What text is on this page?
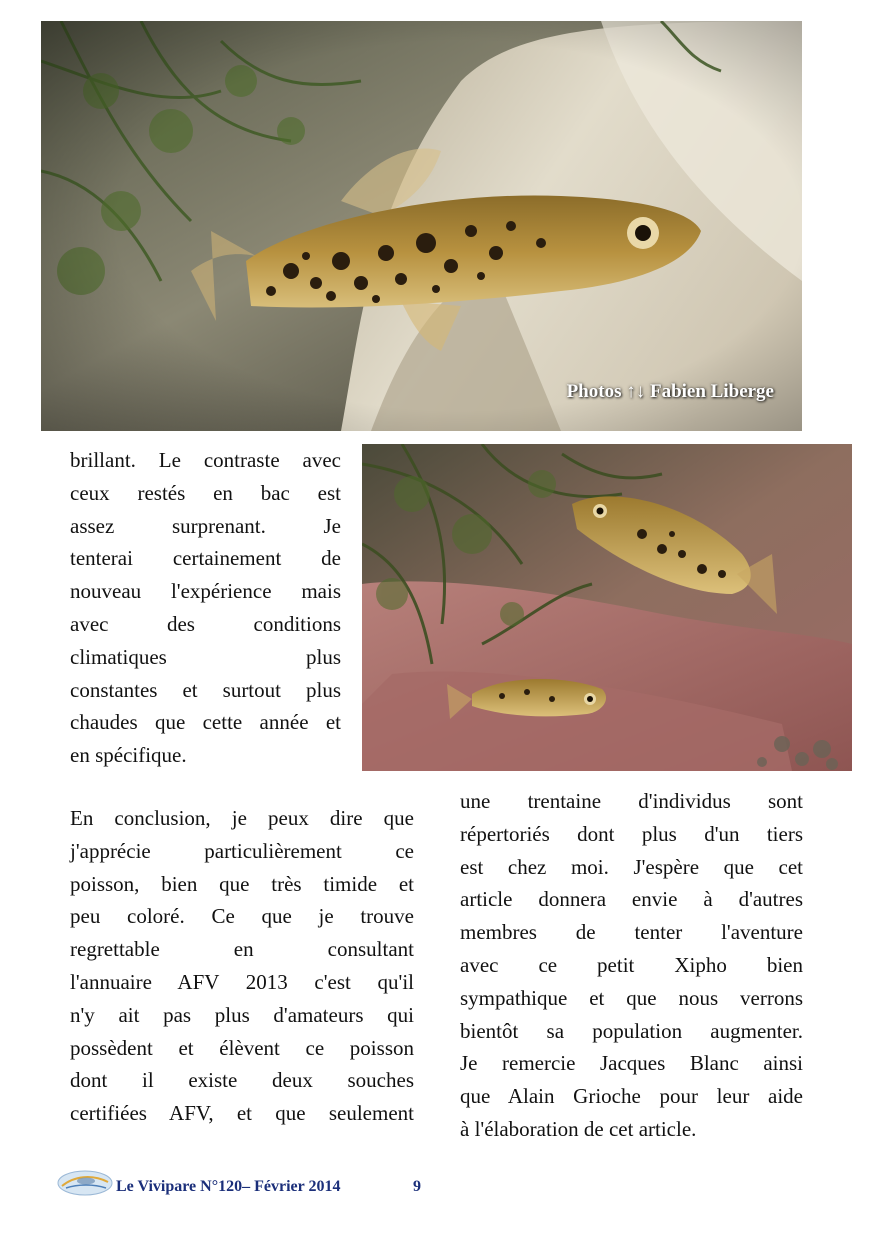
Photos ↑↓ Fabien Liberge
brillant. Le contraste avec
ceux restés en bac est
assez surprenant. Je
tenterai certainement de
nouveau l'expérience mais
avec des conditions
climatiques plus
constantes et surtout plus
chaudes que cette année et
en spécifique.
En conclusion, je peux dire que
j'apprécie particulièrement ce
poisson, bien que très timide et
peu coloré. Ce que je trouve
regrettable en consultant
l'annuaire AFV 2013 c'est qu'il
n'y ait pas plus d'amateurs qui
possèdent et élèvent ce poisson
dont il existe deux souches
certifiées AFV, et que seulement
une trentaine d'individus sont
répertoriés dont plus d'un tiers
est chez moi. J'espère que cet
article donnera envie à d'autres
membres de tenter l'aventure
avec ce petit Xipho bien
sympathique et que nous verrons
bientôt sa population augmenter.
Je remercie Jacques Blanc ainsi
que Alain Grioche pour leur aide
à l'élaboration de cet article.
Le Vivipare N°120– Février 2014	9
